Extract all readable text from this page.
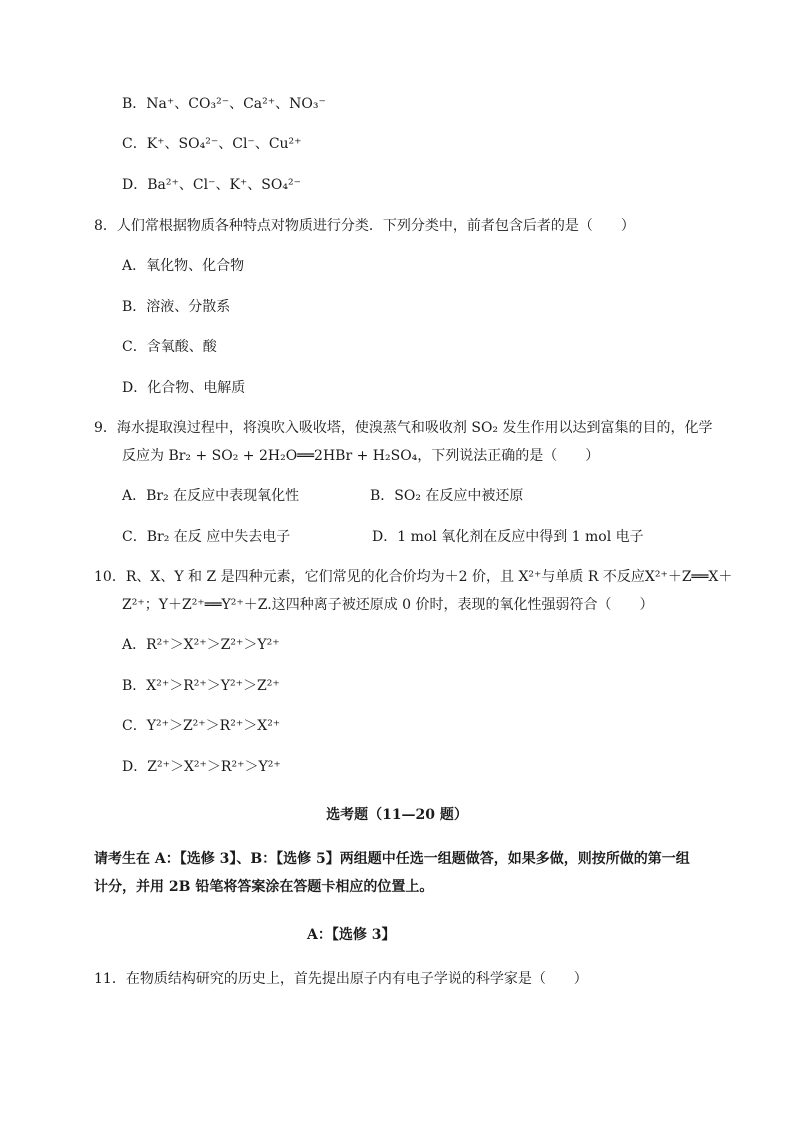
B．Na⁺、CO₃²⁻、Ca²⁺、NO₃⁻
C．K⁺、SO₄²⁻、Cl⁻、Cu²⁺
D．Ba²⁺、Cl⁻、K⁺、SO₄²⁻
8．人们常根据物质各种特点对物质进行分类．下列分类中，前者包含后者的是（　　）
A．氧化物、化合物
B．溶液、分散系
C．含氧酸、酸
D．化合物、电解质
9．海水提取溴过程中，将溴吹入吸收塔，使溴蒸气和吸收剂 SO₂ 发生作用以达到富集的目的，化学
反应为 Br₂ + SO₂ + 2H₂O══2HBr + H₂SO₄，下列说法正确的是（　　）
A．Br₂ 在反应中表现氧化性	B．SO₂ 在反应中被还原
C．Br₂ 在反 应中失去电子	D．1 mol 氧化剂在反应中得到 1 mol 电子
10．R、X、Y 和 Z 是四种元素，它们常见的化合价均为＋2 价，且 X²⁺与单质 R 不反应X²⁺＋Z══X＋
Z²⁺；Y＋Z²⁺══Y²⁺＋Z.这四种离子被还原成 0 价时，表现的氧化性强弱符合（　　）
A．R²⁺＞X²⁺＞Z²⁺＞Y²⁺
B．X²⁺＞R²⁺＞Y²⁺＞Z²⁺
C．Y²⁺＞Z²⁺＞R²⁺＞X²⁺
D．Z²⁺＞X²⁺＞R²⁺＞Y²⁺
选考题（11—20 题）
请考生在 A：【选修 3】、B：【选修 5】两组题中任选一组题做答，如果多做，则按所做的第一组
计分，并用 2B 铅笔将答案涂在答题卡相应的位置上。
A：【选修 3】
11．在物质结构研究的历史上，首先提出原子内有电子学说的科学家是（　　）
